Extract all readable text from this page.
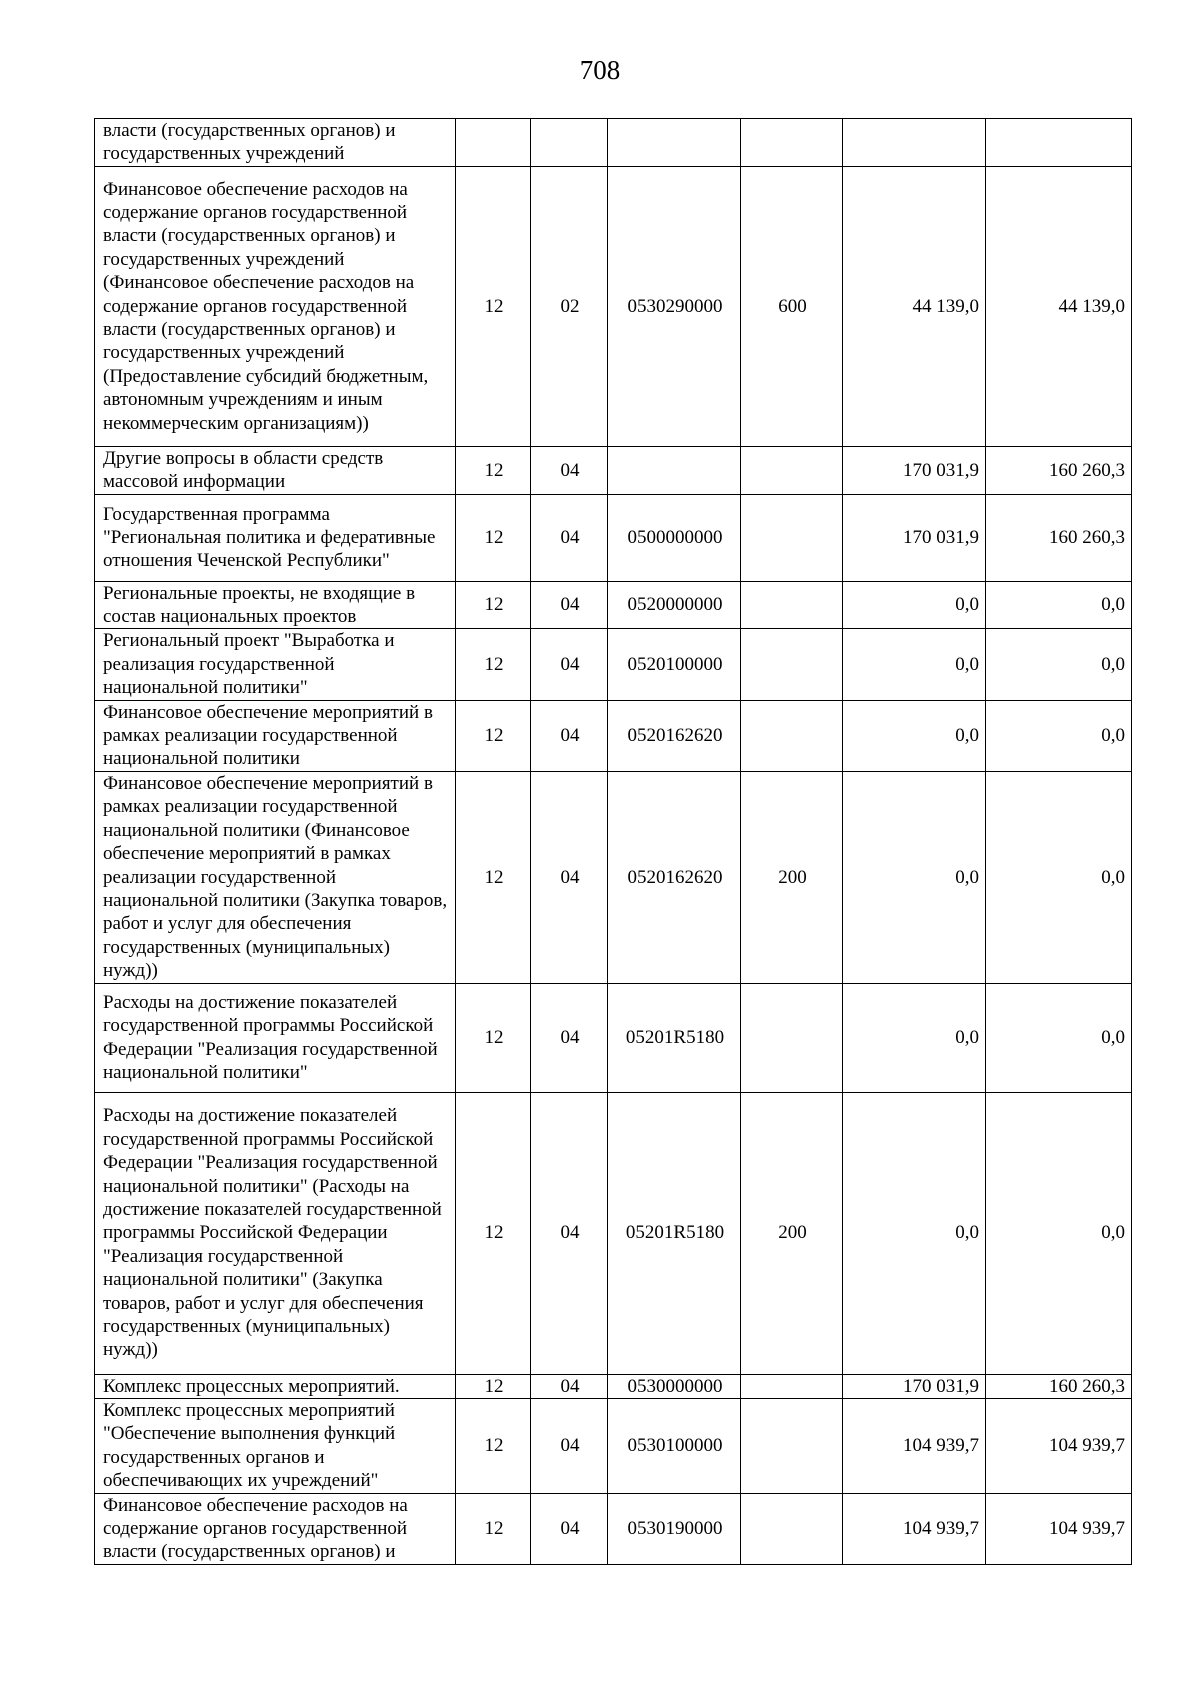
708
власти (государственных органов) и государственных учреждений						
Финансовое обеспечение расходов на содержание органов государственной власти (государственных органов) и государственных учреждений (Финансовое обеспечение расходов на содержание органов государственной власти (государственных органов) и государственных учреждений (Предоставление субсидий бюджетным, автономным учреждениям и иным некоммерческим организациям))	12	02	0530290000	600	44 139,0	44 139,0
Другие вопросы в области средств массовой информации	12	04			170 031,9	160 260,3
Государственная программа "Региональная политика и федеративные отношения Чеченской Республики"	12	04	0500000000		170 031,9	160 260,3
Региональные проекты, не входящие в состав национальных проектов	12	04	0520000000		0,0	0,0
Региональный проект "Выработка и реализация государственной национальной политики"	12	04	0520100000		0,0	0,0
Финансовое обеспечение мероприятий в рамках реализации государственной национальной политики	12	04	0520162620		0,0	0,0
Финансовое обеспечение мероприятий в рамках реализации государственной национальной политики (Финансовое обеспечение мероприятий в рамках реализации государственной национальной политики (Закупка товаров, работ и услуг для обеспечения государственных (муниципальных) нужд))	12	04	0520162620	200	0,0	0,0
Расходы на достижение показателей государственной программы Российской Федерации "Реализация государственной национальной политики"	12	04	05201R5180		0,0	0,0
Расходы на достижение показателей государственной программы Российской Федерации "Реализация государственной национальной политики" (Расходы на достижение показателей государственной программы Российской Федерации "Реализация государственной национальной политики" (Закупка товаров, работ и услуг для обеспечения государственных (муниципальных) нужд))	12	04	05201R5180	200	0,0	0,0
Комплекс процессных мероприятий.	12	04	0530000000		170 031,9	160 260,3
Комплекс процессных мероприятий "Обеспечение выполнения функций государственных органов и обеспечивающих их учреждений"	12	04	0530100000		104 939,7	104 939,7
Финансовое обеспечение расходов на содержание органов государственной власти (государственных органов) и	12	04	0530190000		104 939,7	104 939,7
